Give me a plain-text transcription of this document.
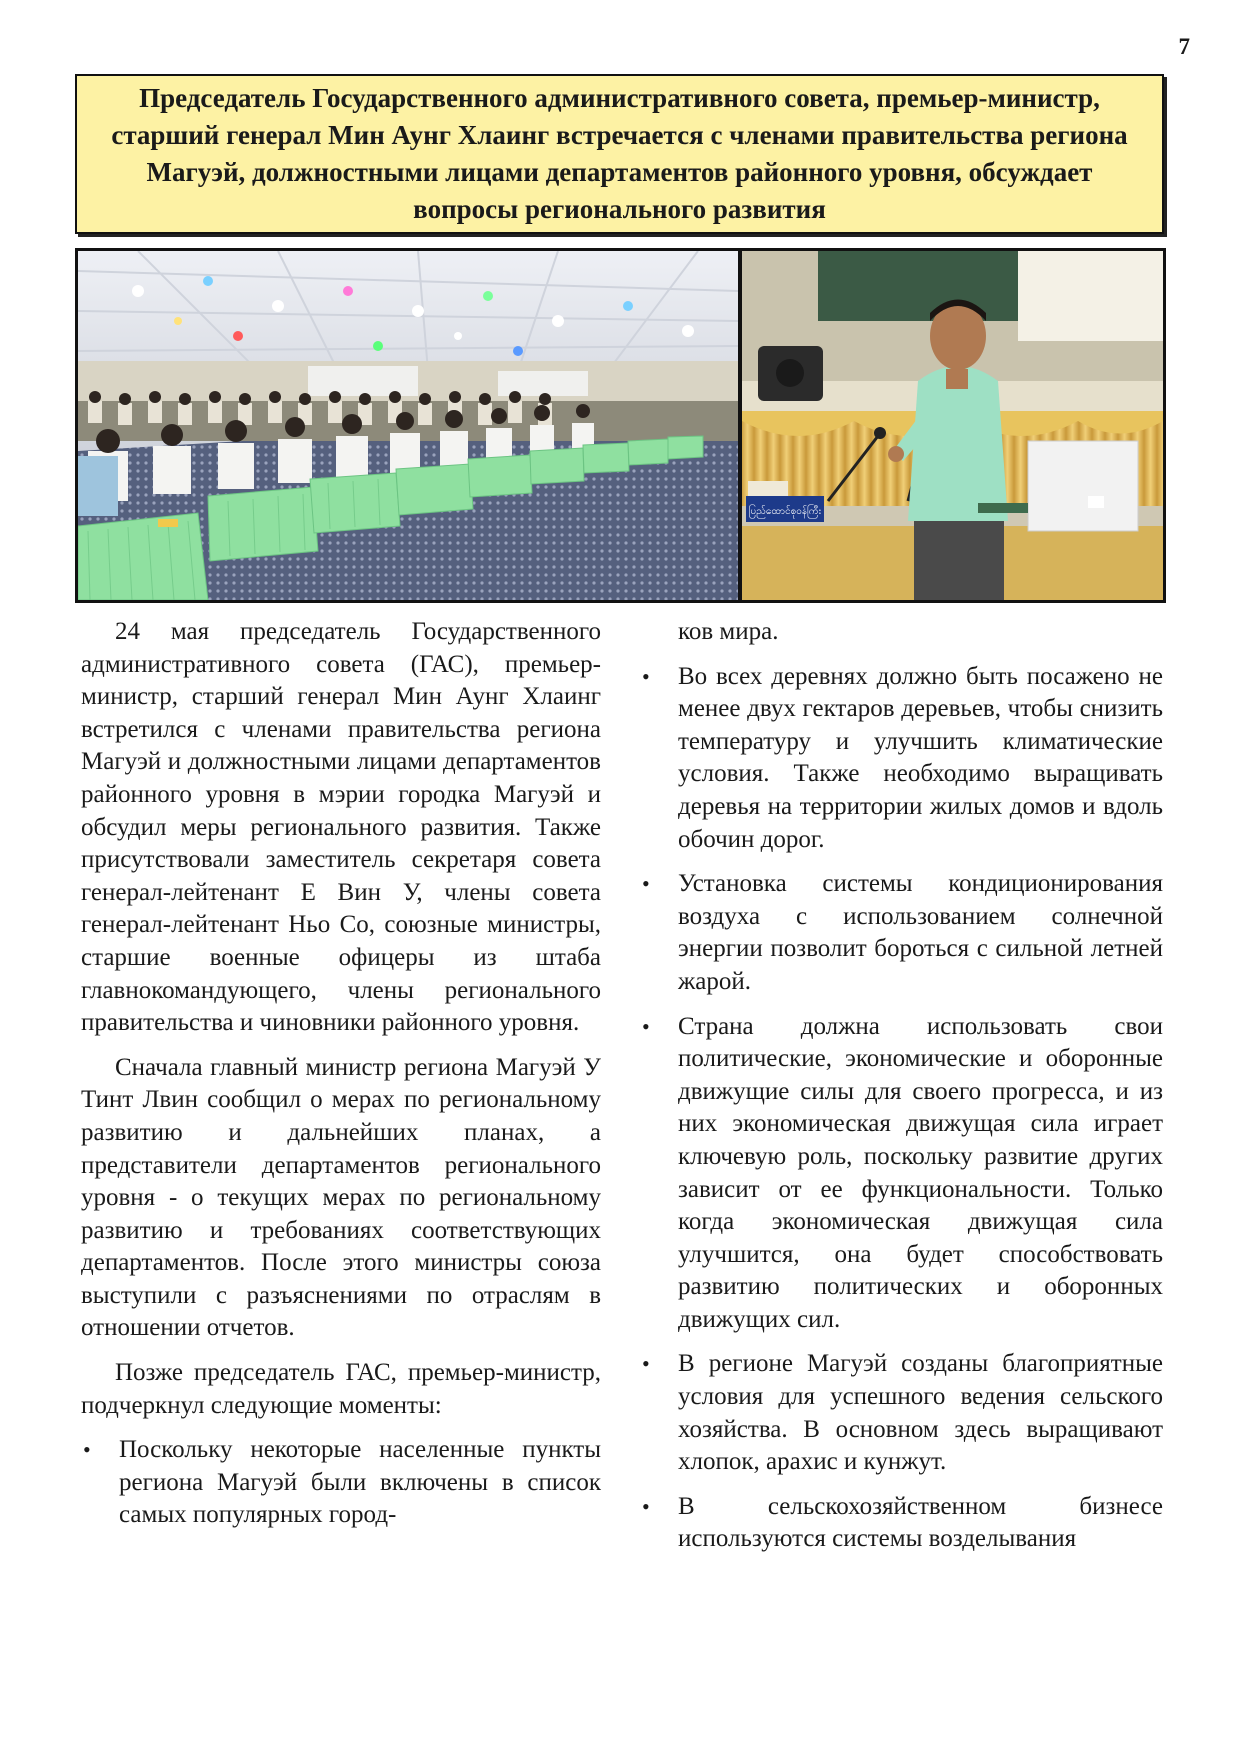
7
Председатель Государственного административного совета, премьер-министр, старший генерал Мин Аунг Хлаинг встречается с членами правительства региона Магуэй, должностными лицами департаментов районного уровня, обсуждает вопросы регионального развития
ပြည်ထောင်စုဝန်ကြီး

24 мая председатель Государственного административного совета (ГАС), премьер-министр, старший генерал Мин Аунг Хлаинг встретился с членами правительства региона Магуэй и должностными лицами департаментов районного уровня в мэрии городка Магуэй и обсудил меры регионального развития. Также присутствовали заместитель секретаря совета генерал-лейтенант Е Вин У, члены совета генерал-лейтенант Ньо Со, союзные министры, старшие военные офицеры из штаба главнокомандующего, члены регионального правительства и чиновники районного уровня.

Сначала главный министр региона Магуэй У Тинт Лвин сообщил о мерах по региональному развитию и дальнейших планах, а представители департаментов регионального уровня - о текущих мерах по региональному развитию и требованиях соответствующих департаментов. После этого министры союза выступили с разъяснениями по отраслям в отношении отчетов.

Позже председатель ГАС, премьер-министр, подчеркнул следующие моменты:

• Поскольку некоторые населенные пункты региона Магуэй были включены в список самых популярных город-

ков мира.

• Во всех деревнях должно быть посажено не менее двух гектаров деревьев, чтобы снизить температуру и улучшить климатические условия. Также необходимо выращивать деревья на территории жилых домов и вдоль обочин дорог.
• Установка системы кондиционирования воздуха с использованием солнечной энергии позволит бороться с сильной летней жарой.
• Страна должна использовать свои политические, экономические и оборонные движущие силы для своего прогресса, и из них экономическая движущая сила играет ключевую роль, поскольку развитие других зависит от ее функциональности. Только когда экономическая движущая сила улучшится, она будет способствовать развитию политических и оборонных движущих сил.
• В регионе Магуэй созданы благоприятные условия для успешного ведения сельского хозяйства. В основном здесь выращивают хлопок, арахис и кунжут.
• В сельскохозяйственном бизнесе используются системы возделывания
